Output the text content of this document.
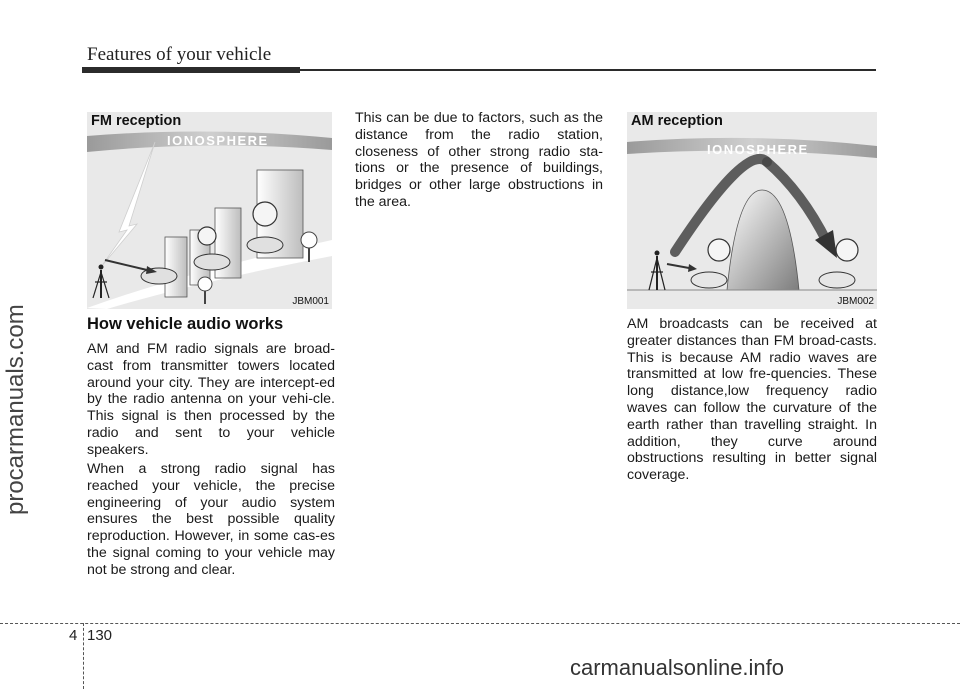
Features of your vehicle
procarmanuals.com
IONOSPHERE
FM reception
JBM001
How vehicle audio works

AM and FM radio signals are broad-cast from transmitter towers located around your city. They are intercept-ed by the radio antenna on your vehi-cle. This signal is then processed by the radio and sent to your vehicle speakers.

When a strong radio signal has reached your vehicle, the precise engineering of your audio system ensures the best possible quality reproduction. However, in some cas-es the signal coming to your vehicle may not be strong and clear.

This can be due to factors, such as the distance from the radio station, closeness of other strong radio sta-tions or the presence of buildings, bridges or other large obstructions in the area.

IONOSPHERE
AM reception
JBM002

AM broadcasts can be received at greater distances than FM broad-casts. This is because AM radio waves are transmitted at low fre-quencies. These long distance,low frequency radio waves can follow the curvature of the earth rather than travelling straight. In addition, they curve around obstructions resulting in better signal coverage.

4 130
carmanualsonline.info
